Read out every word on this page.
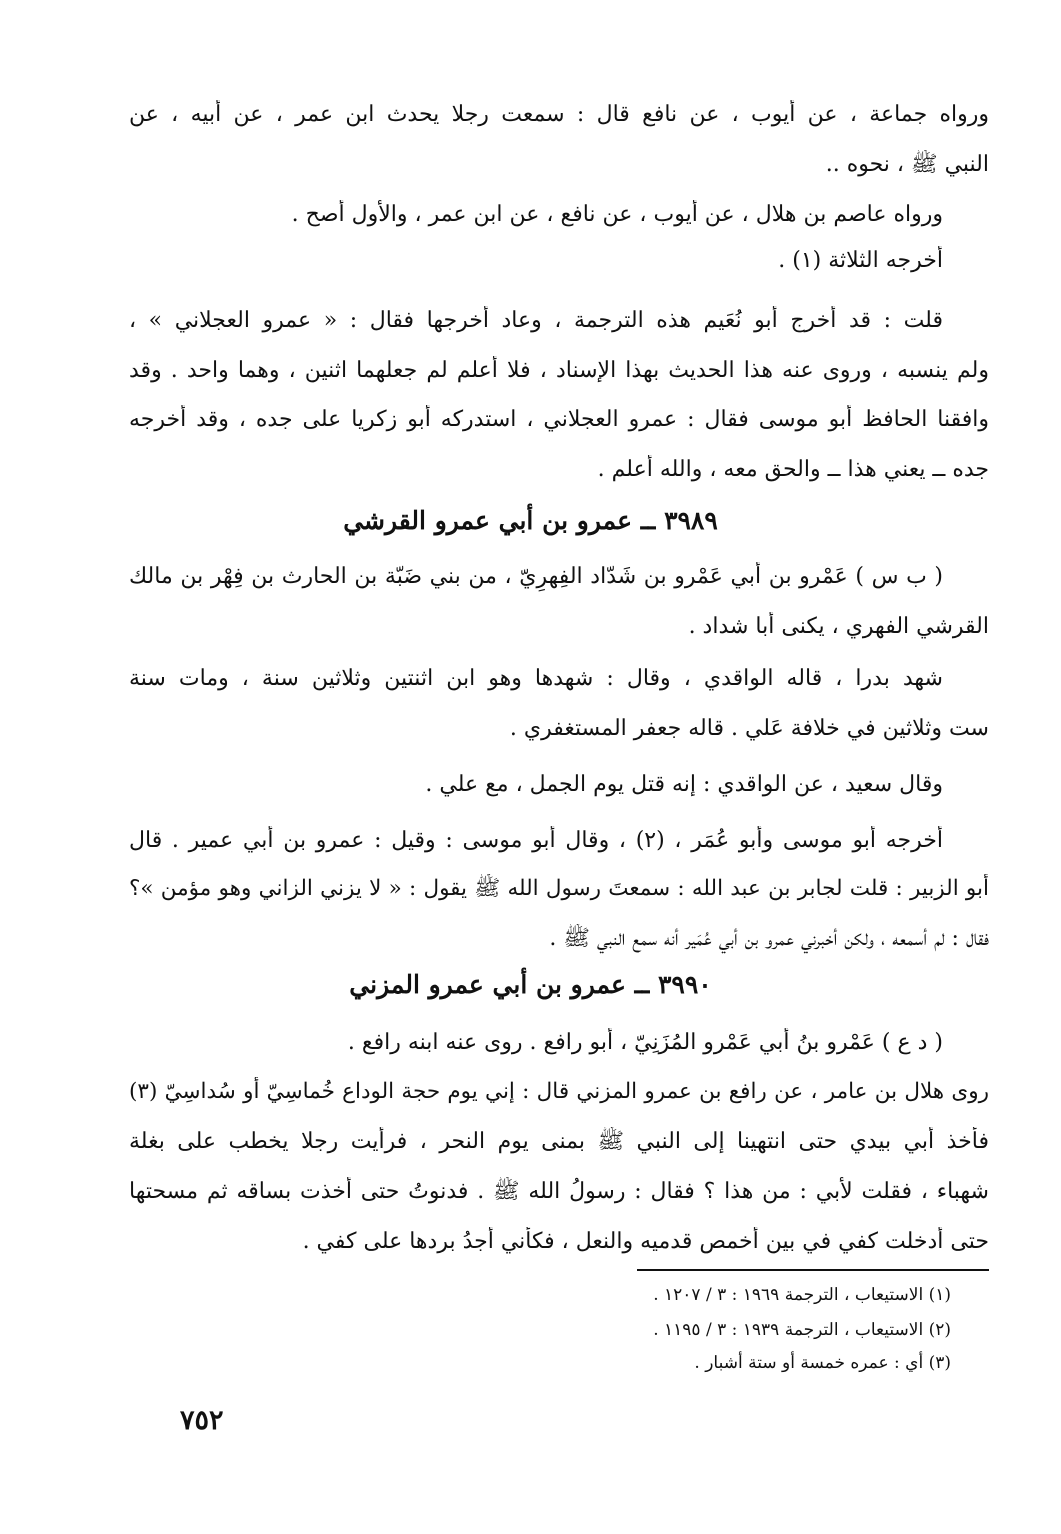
ورواه جماعة ، عن أيوب ، عن نافع قال : سمعت رجلا يحدث ابن عمر ، عن أبيه ، عن
النبي ﷺ ، نحوه ..
ورواه عاصم بن هلال ، عن أيوب ، عن نافع ، عن ابن عمر ، والأول أصح .
أخرجه الثلاثة (١) .
قلت : قد أخرج أبو نُعَيم هذه الترجمة ، وعاد أخرجها فقال : « عمرو العجلاني » ،
ولم ينسبه ، وروى عنه هذا الحديث بهذا الإسناد ، فلا أعلم لم جعلهما اثنين ، وهما واحد . وقد
وافقنا الحافظ أبو موسى فقال : عمرو العجلاني ، استدركه أبو زكريا على جده ، وقد أخرجه
جده ــ يعني هذا ــ والحق معه ، والله أعلم .
٣٩٨٩ ــ عمرو بن أبي عمرو القرشي
( ب س ) عَمْرو بن أبي عَمْرو بن شَدّاد الفِهرِيّ ، من بني ضَبّة بن الحارث بن فِهْر بن مالك
القرشي الفهري ، يكنى أبا شداد .
شهد بدرا ، قاله الواقدي ، وقال : شهدها وهو ابن اثنتين وثلاثين سنة ، ومات سنة
ست وثلاثين في خلافة عَلي . قاله جعفر المستغفري .
وقال سعيد ، عن الواقدي : إنه قتل يوم الجمل ، مع علي .
أخرجه أبو موسى وأبو عُمَر ، (٢) ، وقال أبو موسى : وقيل : عمرو بن أبي عمير . قال
أبو الزبير : قلت لجابر بن عبد الله : سمعتَ رسول الله ﷺ يقول : « لا يزني الزاني وهو مؤمن »؟
فقال : لم أسمعه ، ولكن أخبرني عمرو بن أبي عُمَير أنه سمع النبي ﷺ .
٣٩٩٠ ــ عمرو بن أبي عمرو المزني
( د ع ) عَمْرو بنُ أبي عَمْرو المُزَنِيّ ، أبو رافع . روى عنه ابنه رافع .
روى هلال بن عامر ، عن رافع بن عمرو المزني قال : إني يوم حجة الوداع خُماسِيّ أو سُداسِيّ (٣)
فأخذ أبي بيدي حتى انتهينا إلى النبي ﷺ بمنى يوم النحر ، فرأيت رجلا يخطب على بغلة
شهباء ، فقلت لأبي : من هذا ؟ فقال : رسولُ الله ﷺ . فدنوتُ حتى أخذت بساقه ثم مسحتها
حتى أدخلت كفي في بين أخمص قدميه والنعل ، فكأني أجدُ بردها على كفي .
(١) الاستيعاب ، الترجمة ١٩٦٩ : ٣ / ١٢٠٧ .
(٢) الاستيعاب ، الترجمة ١٩٣٩ : ٣ / ١١٩٥ .
(٣) أي : عمره خمسة أو ستة أشبار .
٧٥٢
